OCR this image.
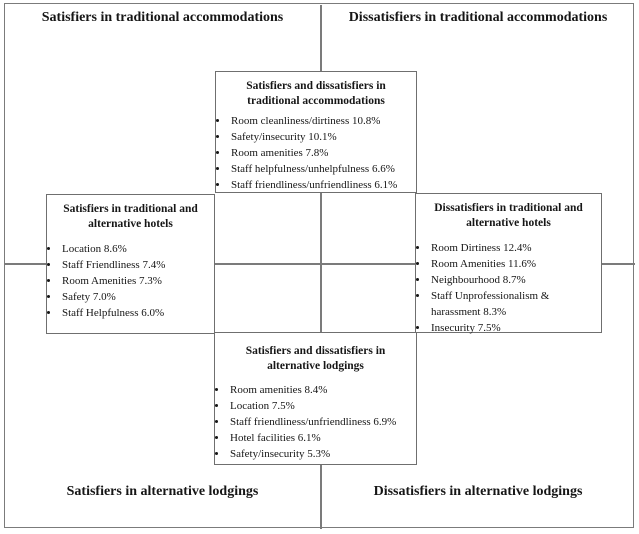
Satisfiers in traditional accommodations	Dissatisfiers in traditional accommodations
Satisfiers in alternative lodgings	Dissatisfiers in alternative lodgings
Satisfiers and dissatisfiers in traditional accommodations
• Room cleanliness/dirtiness 10.8%
• Safety/insecurity 10.1%
• Room amenities 7.8%
• Staff helpfulness/unhelpfulness 6.6%
• Staff friendliness/unfriendliness 6.1%
Satisfiers in traditional and alternative hotels
• Location 8.6%
• Staff Friendliness 7.4%
• Room Amenities 7.3%
• Safety 7.0%
• Staff Helpfulness 6.0%
Dissatisfiers in traditional and alternative hotels
• Room Dirtiness 12.4%
• Room Amenities 11.6%
• Neighbourhood 8.7%
• Staff Unprofessionalism & harassment 8.3%
• Insecurity 7.5%
Satisfiers and dissatisfiers in alternative lodgings
• Room amenities 8.4%
• Location 7.5%
• Staff friendliness/unfriendliness 6.9%
• Hotel facilities 6.1%
• Safety/insecurity 5.3%
